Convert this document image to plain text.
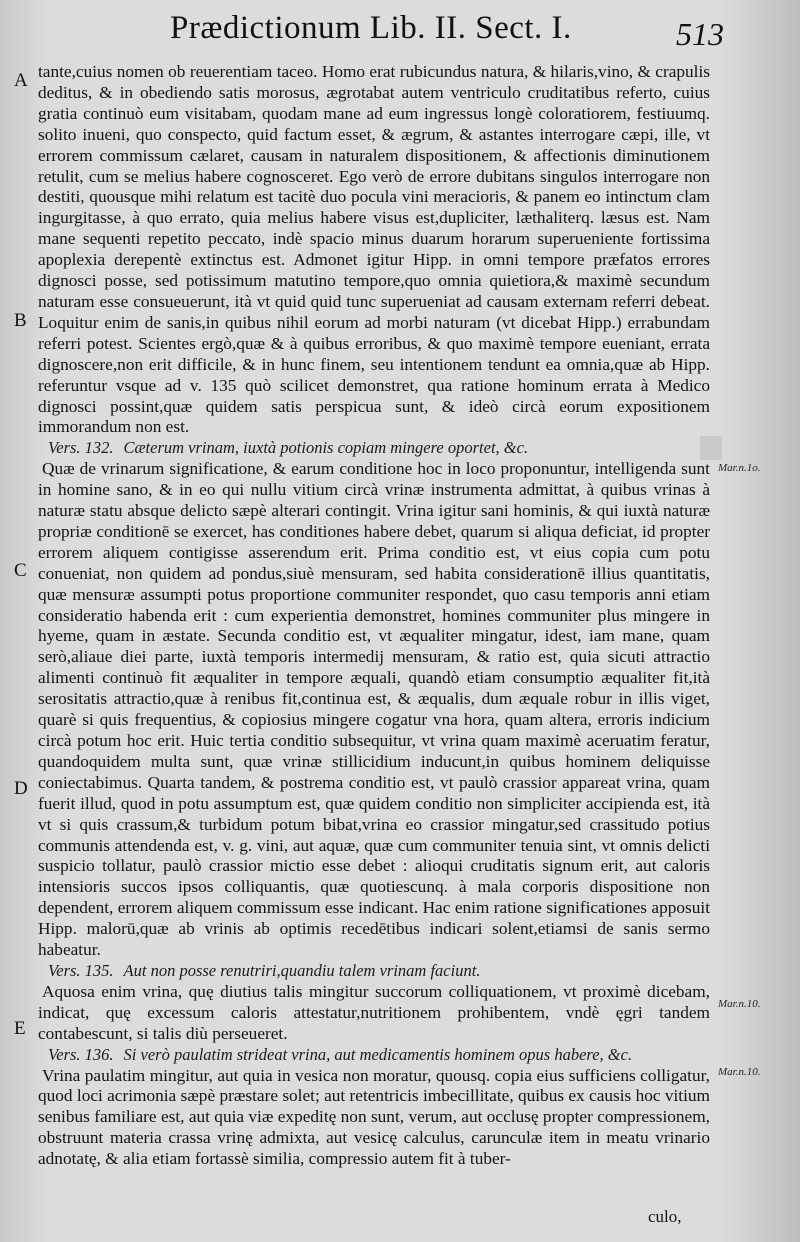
Prædictionum Lib. II. Sect. I.	513
A
B
C
D
E
Mar.n.1o.
Mar.n.10.
Mar.n.10.

tante,cuius nomen ob reuerentiam taceo. Homo erat rubicundus natura, & hilaris,vino, & crapulis deditus, & in obediendo satis morosus, ægrotabat autem ventriculo cruditatibus referto, cuius gratia continuò eum visitabam, quodam mane ad eum ingressus longè coloratiorem, festiuumq. solito inueni, quo conspecto, quid factum esset, & ægrum, & astantes interrogare cæpi, ille, vt errorem commissum cælaret, causam in naturalem dispositionem, & affectionis diminutionem retulit, cum se melius habere cognosceret. Ego verò de errore dubitans singulos interrogare non destiti, quousque mihi relatum est tacitè duo pocula vini meracioris, & panem eo intinctum clam ingurgitasse, à quo errato, quia melius habere visus est,dupliciter, læthaliterq. læsus est. Nam mane sequenti repetito peccato, indè spacio minus duarum horarum superueniente fortissima apoplexia derepentè extinctus est. Admonet igitur Hipp. in omni tempore præfatos errores dignosci posse, sed potissimum matutino tempore,quo omnia quietiora,& maximè secundum naturam esse consueuerunt, ità vt quid quid tunc superueniat ad causam externam referri debeat. Loquitur enim de sanis,in quibus nihil eorum ad morbi naturam (vt dicebat Hipp.) errabundam referri potest. Scientes ergò,quæ & à quibus erroribus, & quo maximè tempore eueniant, errata dignoscere,non erit difficile, & in hunc finem, seu intentionem tendunt ea omnia,quæ ab Hipp. referuntur vsque ad v. 135 quò scilicet demonstret, qua ratione hominum errata à Medico dignosci possint,quæ quidem satis perspicua sunt, & ideò circà eorum expositionem immorandum non est.

Vers. 132. Cæterum vrinam, iuxtà potionis copiam mingere oportet, &c.

Quæ de vrinarum significatione, & earum conditione hoc in loco proponuntur, intelligenda sunt in homine sano, & in eo qui nullu vitium circà vrinæ instrumenta admittat, à quibus vrinas à naturæ statu absque delicto sæpè alterari contingit. Vrina igitur sani hominis, & qui iuxtà naturæ propriæ conditionē se exercet, has conditiones habere debet, quarum si aliqua deficiat, id propter errorem aliquem contigisse asserendum erit. Prima conditio est, vt eius copia cum potu conueniat, non quidem ad pondus,siuè mensuram, sed habita considerationē illius quantitatis, quæ mensuræ assumpti potus proportione communiter respondet, quo casu temporis anni etiam consideratio habenda erit : cum experientia demonstret, homines communiter plus mingere in hyeme, quam in æstate. Secunda conditio est, vt æqualiter mingatur, idest, iam mane, quam serò,aliaue diei parte, iuxtà temporis intermedij mensuram, & ratio est, quia sicuti attractio alimenti continuò fit æqualiter in tempore æquali, quandò etiam consumptio æqualiter fit,ità serositatis attractio,quæ à renibus fit,continua est, & æqualis, dum æquale robur in illis viget, quarè si quis frequentius, & copiosius mingere cogatur vna hora, quam altera, erroris indicium circà potum hoc erit. Huic tertia conditio subsequitur, vt vrina quam maximè aceruatim feratur, quandoquidem multa sunt, quæ vrinæ stillicidium inducunt,in quibus hominem deliquisse coniectabimus. Quarta tandem, & postrema conditio est, vt paulò crassior appareat vrina, quam fuerit illud, quod in potu assumptum est, quæ quidem conditio non simpliciter accipienda est, ità vt si quis crassum,& turbidum potum bibat,vrina eo crassior mingatur,sed crassitudo potius communis attendenda est, v. g. vini, aut aquæ, quæ cum communiter tenuia sint, vt omnis delicti suspicio tollatur, paulò crassior mictio esse debet : alioqui cruditatis signum erit, aut caloris intensioris succos ipsos colliquantis, quæ quotiescunq. à mala corporis dispositione non dependent, errorem aliquem commissum esse indicant. Hac enim ratione significationes apposuit Hipp. malorū,quæ ab vrinis ab optimis recedētibus indicari solent,etiamsi de sanis sermo habeatur.

Vers. 135. Aut non posse renutriri,quandiu talem vrinam faciunt.

Aquosa enim vrina, quę diutius talis mingitur succorum colliquationem, vt proximè dicebam, indicat, quę excessum caloris attestatur,nutritionem prohibentem, vndè ęgri tandem contabescunt, si talis diù perseueret.

Vers. 136. Si verò paulatim strideat vrina, aut medicamentis hominem opus habere, &c.

Vrina paulatim mingitur, aut quia in vesica non moratur, quousq. copia eius sufficiens colligatur, quod loci acrimonia sæpè præstare solet; aut retentricis imbecillitate, quibus ex causis hoc vitium senibus familiare est, aut quia viæ expeditę non sunt, verum, aut occlusę propter compressionem, obstruunt materia crassa vrinę admixta, aut vesicę calculus, carunculæ item in meatu vrinario adnotatę, & alia etiam fortassè similia, compressio autem fit à tuber-

culo,
